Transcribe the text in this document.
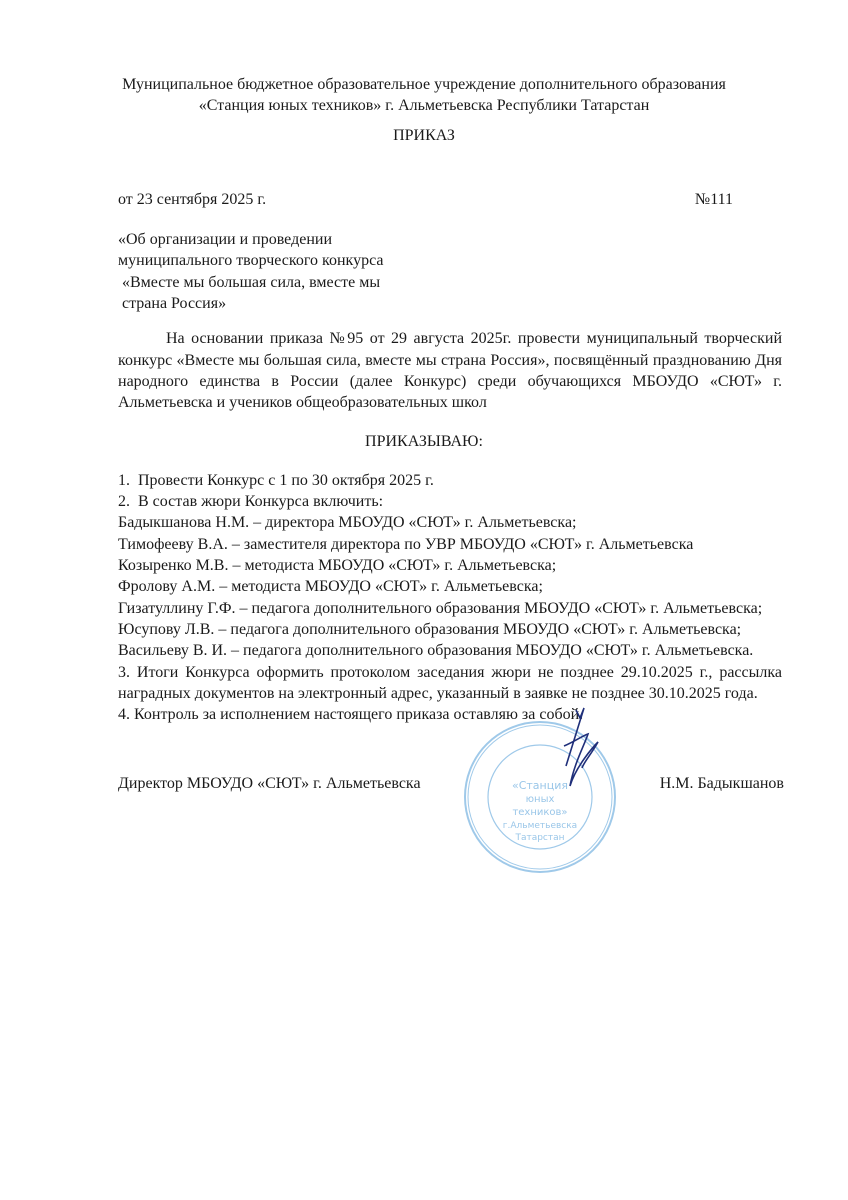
Муниципальное бюджетное образовательное учреждение дополнительного образования
«Станция юных техников» г. Альметьевска Республики Татарстан
ПРИКАЗ
от 23 сентября 2025 г.	№111
«Об организации и проведении
муниципального творческого конкурса
«Вместе мы большая сила, вместе мы
страна Россия»
На основании приказа №95 от 29 августа 2025г. провести муниципальный творческий конкурс «Вместе мы большая сила, вместе мы страна Россия», посвящённый празднованию Дня народного единства в России (далее Конкурс) среди обучающихся МБОУДО «СЮТ» г. Альметьевска и учеников общеобразовательных школ
ПРИКАЗЫВАЮ:
1.  Провести Конкурс с 1 по 30 октября 2025 г.
2.  В состав жюри Конкурса включить:
Бадыкшанова Н.М. – директора МБОУДО «СЮТ» г. Альметьевска;
Тимофееву В.А. – заместителя директора по УВР МБОУДО «СЮТ» г. Альметьевска
Козыренко М.В. – методиста МБОУДО «СЮТ» г. Альметьевска;
Фролову А.М. – методиста МБОУДО «СЮТ» г. Альметьевска;
Гизатуллину Г.Ф. – педагога дополнительного образования МБОУДО «СЮТ» г. Альметьевска;
Юсупову Л.В. – педагога дополнительного образования МБОУДО «СЮТ» г. Альметьевска;
Васильеву В. И. – педагога дополнительного образования МБОУДО «СЮТ» г. Альметьевска.
3. Итоги Конкурса оформить протоколом заседания жюри не позднее 29.10.2025 г., рассылка наградных документов на электронный адрес, указанный в заявке не позднее 30.10.2025 года.
4. Контроль за исполнением настоящего приказа оставляю за собой.
Директор МБОУДО «СЮТ» г. Альметьевска	«Станция
юных
техников»
г.Альметьевска
Татарстан
Н.М. Бадыкшанов
